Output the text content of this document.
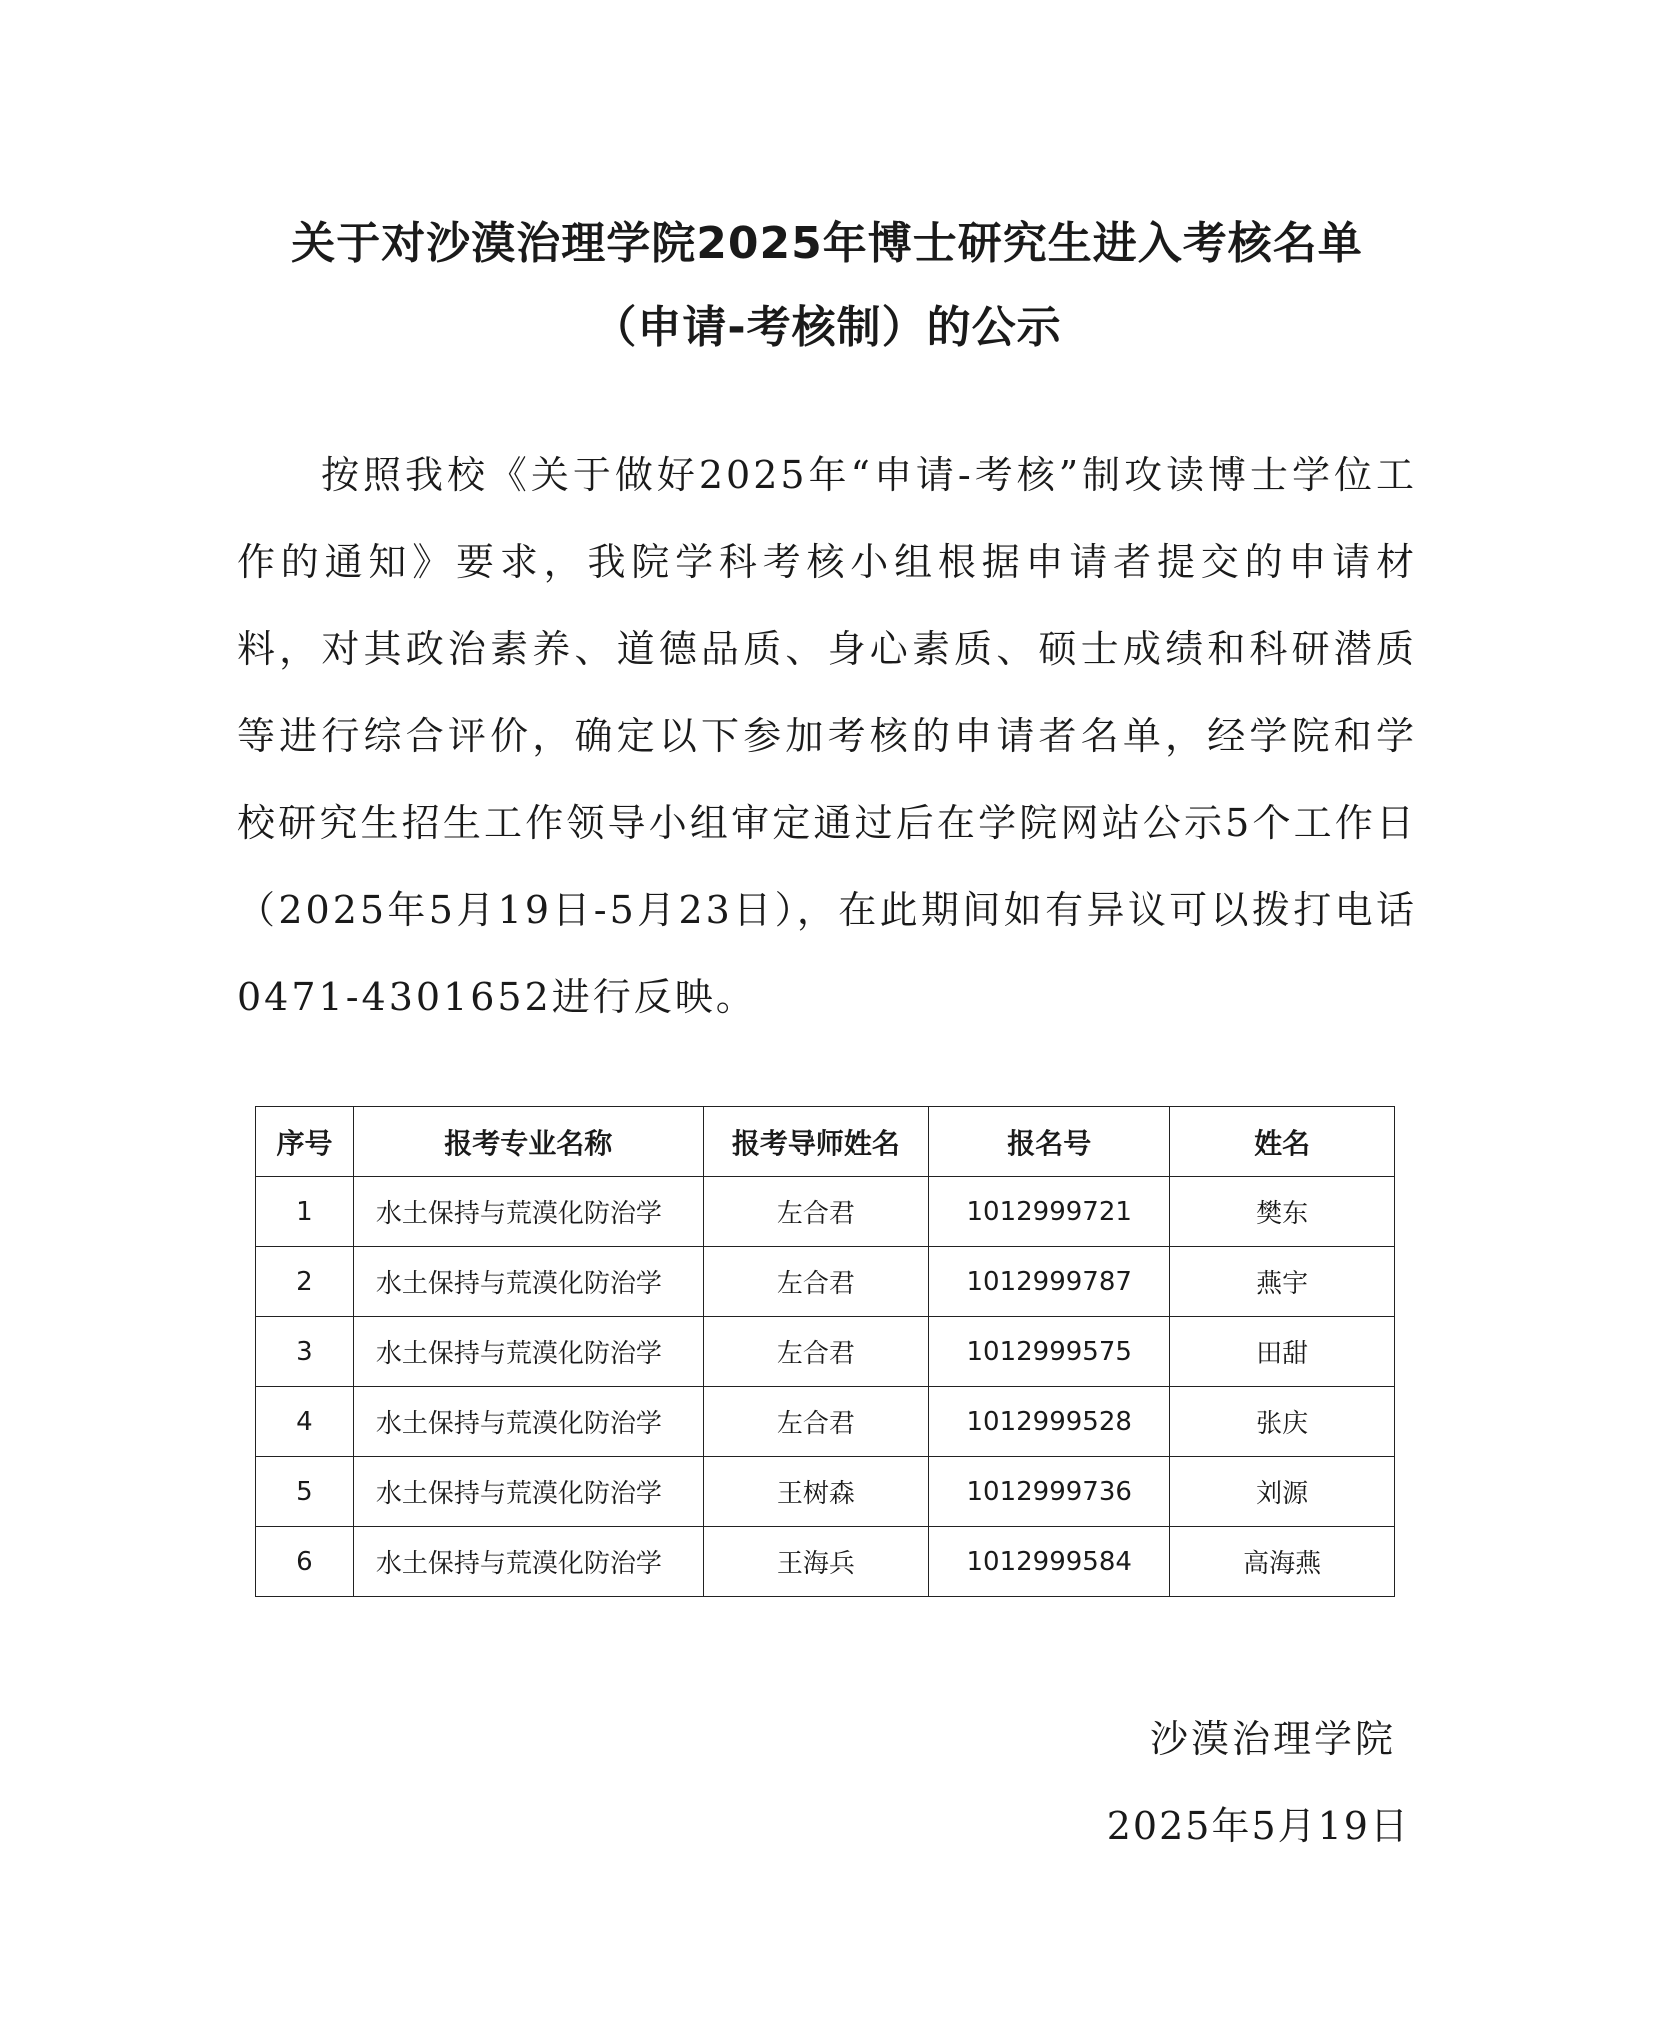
关于对沙漠治理学院2025年博士研究生进入考核名单
（申请-考核制）的公示

按照我校《关于做好2025年“申请-考核”制攻读博士学位工作的通知》要求，我院学科考核小组根据申请者提交的申请材料，对其政治素养、道德品质、身心素质、硕士成绩和科研潜质等进行综合评价，确定以下参加考核的申请者名单，经学院和学校研究生招生工作领导小组审定通过后在学院网站公示5个工作日（2025年5月19日-5月23日），在此期间如有异议可以拨打电话0471-4301652进行反映。

序号	报考专业名称	报考导师姓名	报名号	姓名
1	水土保持与荒漠化防治学	左合君	1012999721	樊东
2	水土保持与荒漠化防治学	左合君	1012999787	燕宇
3	水土保持与荒漠化防治学	左合君	1012999575	田甜
4	水土保持与荒漠化防治学	左合君	1012999528	张庆
5	水土保持与荒漠化防治学	王树森	1012999736	刘源
6	水土保持与荒漠化防治学	王海兵	1012999584	高海燕
沙漠治理学院
2025年5月19日
